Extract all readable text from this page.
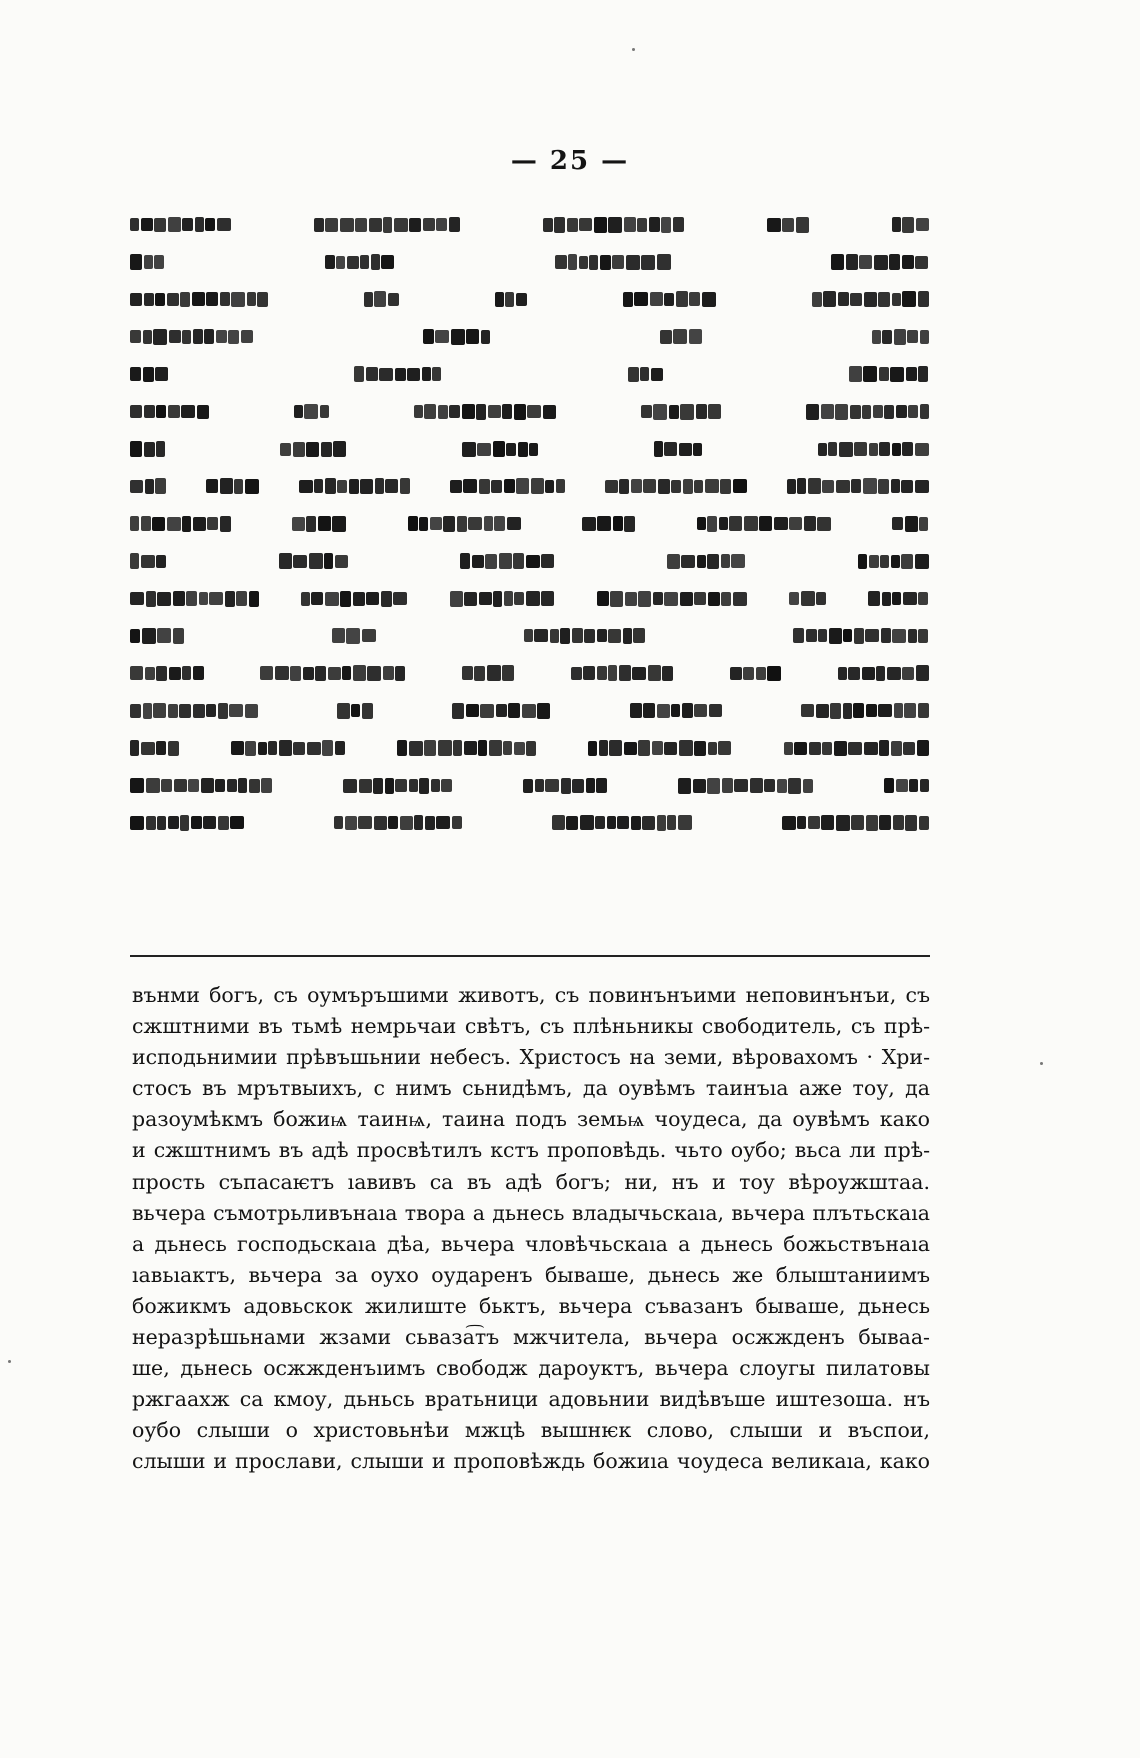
— 25 —
вънми богъ, съ оумъръшими животъ, съ повинънъими неповинънъи, съ
сжштними въ тьмѣ немрьчаи свѣтъ, съ плѣньникы свободитель, съ прѣ-
исподьнимии прѣвъшьнии небесъ. Христосъ на земи, вѣровахомъ · Хри-
стосъ въ мрътвыихъ, с нимъ сьнидѣмъ, да оувѣмъ таинъıа аже тоу, да
разоумѣкмъ божиѩ таинѩ, таина подъ земьѩ чоудеса, да оувѣмъ како
и сжштнимъ въ адѣ просвѣтилъ кстъ проповѣдь. чьто оубо; вьса ли прѣ-
прость съпасаѥтъ ıавивъ са въ адѣ богъ; ни, нъ и тоу вѣроужштаа.
вьчера съмотрьливънаıа твора а дьнесь владычьскаıа, вьчера плътьскаıа
а дьнесь господьскаıа дѣа, вьчера чловѣчьскаıа а дьнесь божьствънаıа
ıавьıактъ, вьчера за оухо оударенъ бываше, дьнесь же блыштаниимъ
божикмъ адовьскок жилиште бьктъ, вьчера съвазанъ бываше, дьнесь
неразрѣшьнами жзами сьваза͡тъ мжчитела, вьчера осжжденъ бываа-
ше, дьнесь осжжденъıимъ свободж дароуктъ, вьчера слоугы пилатовы
ржгаахж са кмоу, дьньсь вратьници адовьнии видѣвъше иштезоша. нъ
оубо слыши о христовьнѣи мжцѣ вышнѥк слово, слыши и въспои,
слыши и прослави, слыши и проповѣждь божиıа чоудеса великаıа, како
